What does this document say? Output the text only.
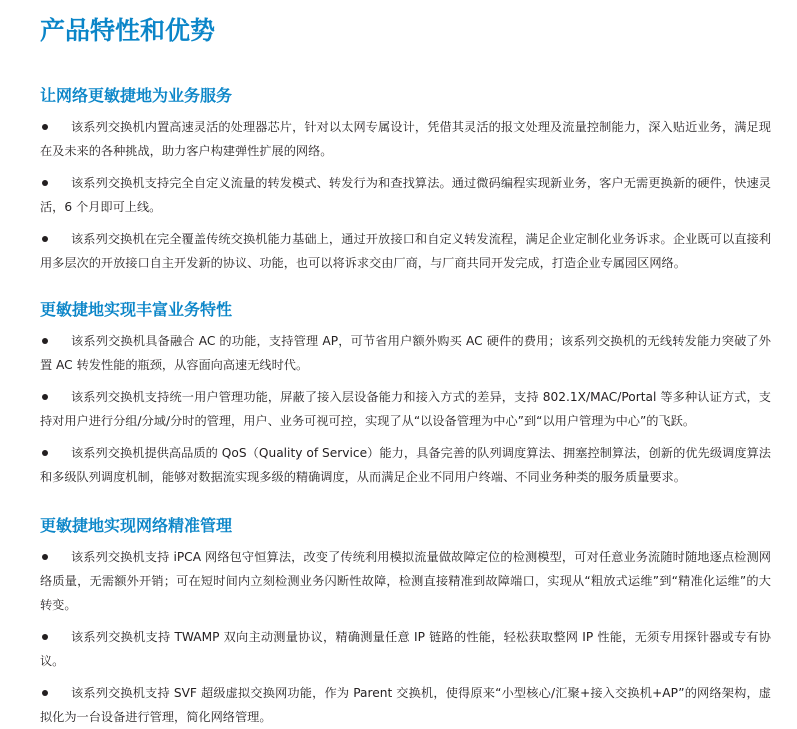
产品特性和优势
让网络更敏捷地为业务服务
该系列交换机内置高速灵活的处理器芯片，针对以太网专属设计，凭借其灵活的报文处理及流量控制能力，深入贴近业务，满足现在及未来的各种挑战，助力客户构建弹性扩展的网络。
该系列交换机支持完全自定义流量的转发模式、转发行为和查找算法。通过微码编程实现新业务，客户无需更换新的硬件，快速灵活，6 个月即可上线。
该系列交换机在完全覆盖传统交换机能力基础上，通过开放接口和自定义转发流程，满足企业定制化业务诉求。企业既可以直接利用多层次的开放接口自主开发新的协议、功能，也可以将诉求交由厂商，与厂商共同开发完成，打造企业专属园区网络。
更敏捷地实现丰富业务特性
该系列交换机具备融合 AC 的功能，支持管理 AP，可节省用户额外购买 AC 硬件的费用；该系列交换机的无线转发能力突破了外置 AC 转发性能的瓶颈，从容面向高速无线时代。
该系列交换机支持统一用户管理功能，屏蔽了接入层设备能力和接入方式的差异，支持 802.1X/MAC/Portal 等多种认证方式，支持对用户进行分组/分域/分时的管理，用户、业务可视可控，实现了从“以设备管理为中心”到“以用户管理为中心”的飞跃。
该系列交换机提供高品质的 QoS（Quality of Service）能力，具备完善的队列调度算法、拥塞控制算法，创新的优先级调度算法和多级队列调度机制，能够对数据流实现多级的精确调度，从而满足企业不同用户终端、不同业务种类的服务质量要求。
更敏捷地实现网络精准管理
该系列交换机支持 iPCA 网络包守恒算法，改变了传统利用模拟流量做故障定位的检测模型，可对任意业务流随时随地逐点检测网络质量，无需额外开销；可在短时间内立刻检测业务闪断性故障，检测直接精准到故障端口，实现从“粗放式运维”到“精准化运维”的大转变。
该系列交换机支持 TWAMP 双向主动测量协议，精确测量任意 IP 链路的性能，轻松获取整网 IP 性能，无须专用探针器或专有协议。
该系列交换机支持 SVF 超级虚拟交换网功能，作为 Parent 交换机，使得原来“小型核心/汇聚+接入交换机+AP”的网络架构，虚拟化为一台设备进行管理，简化网络管理。
